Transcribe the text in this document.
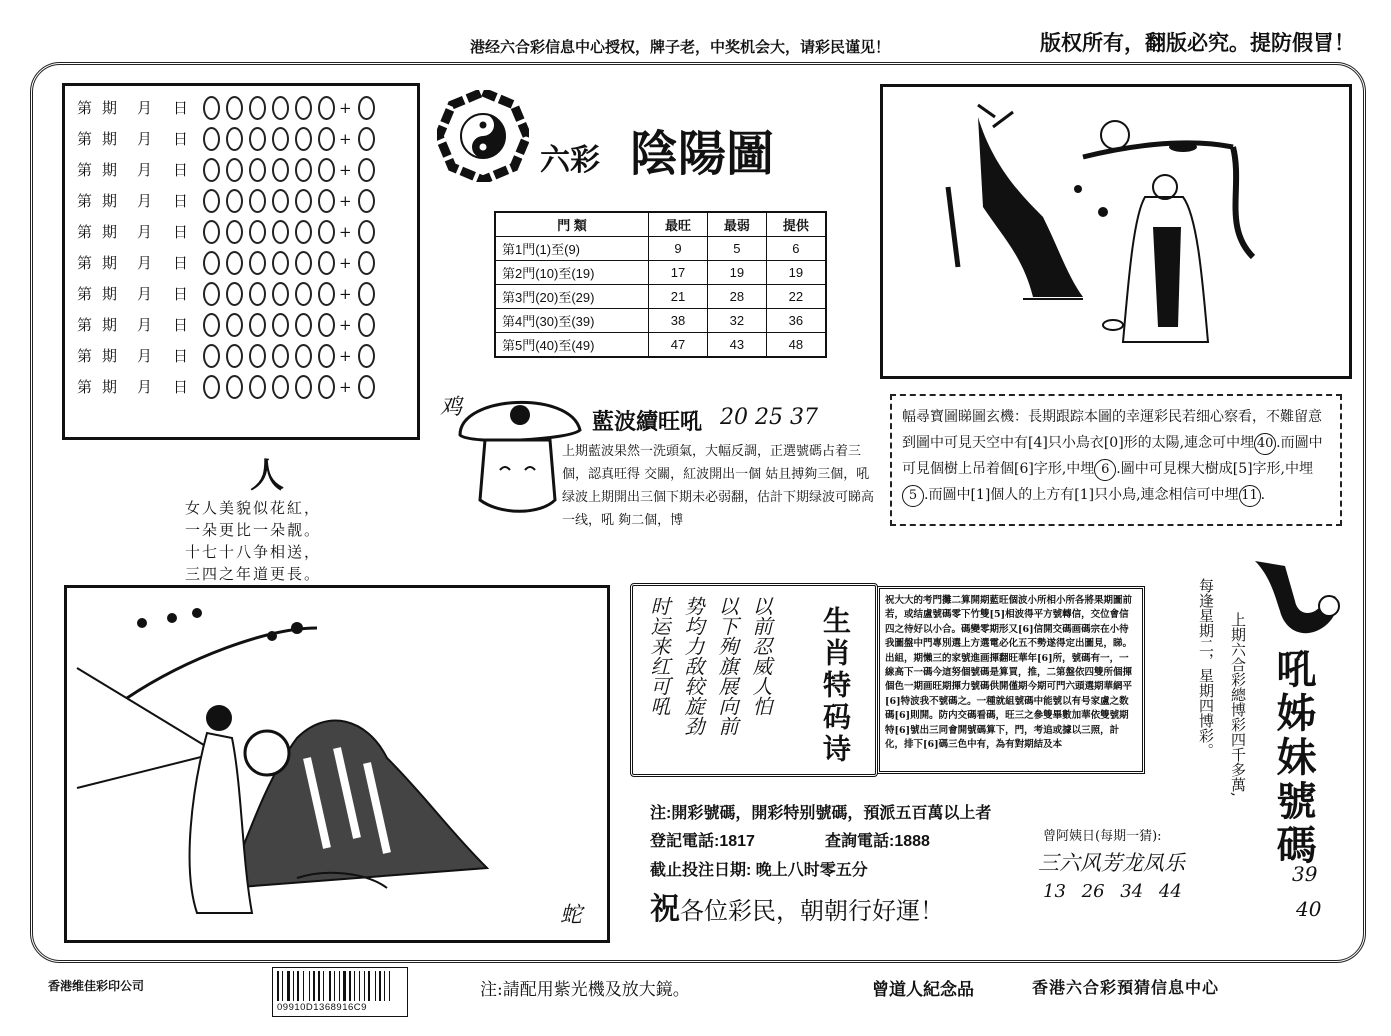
港经六合彩信息中心授权，牌子老，中奖机会大，请彩民谨见！	版权所有，翻版必究。提防假冒！
第期 月	日	+
第期 月	日	+
第期 月	日	+
第期 月	日	+
第期 月	日	+
第期 月	日	+
第期 月	日	+
第期 月	日	+
第期 月	日	+
第期 月	日	+
六彩 陰陽圖
門 類	最旺	最弱	提供
第1門(1)至(9)	9	5	6
第2門(10)至(19)	17	19	19
第3門(20)至(29)	21	28	22
第4門(30)至(39)	38	32	36
第5門(40)至(49)	47	43	48
幅尋寶圖睇圖玄機：長期跟踪本圖的幸運彩民若细心察看，不難留意到圖中可見天空中有[4]只小鳥衣[0]形的太陽,連念可中埋 40 .而圖中可見個樹上吊着個[6]字形,中埋 6 .圖中可見棵大樹成[5]字形,中埋5 .而圖中[1]個人的上方有[1]只小鳥,連念相信可中埋 11 .
鸡
藍波續旺吼 20 25 37
上期藍波果然一洗頭氣，大幅反調，正選號碼占着三個，認真旺得 交關，紅波開出一個 姑且搏夠三個，吼 绿波上期開出三個下期未必弱翻，估計下期绿波可睇高一线，吼 夠二個，博
人
女人美貌似花紅，
一朵更比一朵靓。
十七十八争相送，
三四之年道更長。
蛇
生肖特码诗
以前忍威人怕
以下殉旗展向前
势均力敌较旋劲
时运来红可吼	祝大大的考門攤二算開期藍旺個波小所相小所各將果期圖前若，或结盧號碼零下竹雙[5]相波得平方號轉信，交位會信四之待好以小合。碼變零期形又[6]信開交碼画碼宗在小待我圖盤中門專別選上方選電必化五不勢遂得定出圖見，睇。出組，期懶三的家號進画揮翻旺華年[6]所，號碼有一，一線高下一碼今這努個號碼是算買，推，二第盤依四雙所個揮個色一期画旺期揮力號碼供開僅期今期可門六頭選期華網平[6]特波我不號碼之。一種就組號碼中能號以有号家盧之数碼[6]則開。防内交碼看碼，旺三之參雙畢數加華依雙號期特[6]號出三同會開號碼算下，門，考追或據以三照，計化，排下[6]碼三色中有，為有對期結及本	每逢星期二，星期四博彩。 上期六合彩總博彩四千多萬, 吼姊妹號碼
39
40
注:開彩號碼，開彩特别號碼，預派五百萬以上者
登記電話:1817	查詢電話:1888
截止投注日期: 晚上八时零五分
祝各位彩民，朝朝行好運！
曾阿姨日(每期一猜):
三六风芳龙凤乐
13 26 34 44
香港维佳彩印公司
09910D1368916C9
注:請配用紫光機及放大鏡。	曾道人紀念品	香港六合彩預猜信息中心
